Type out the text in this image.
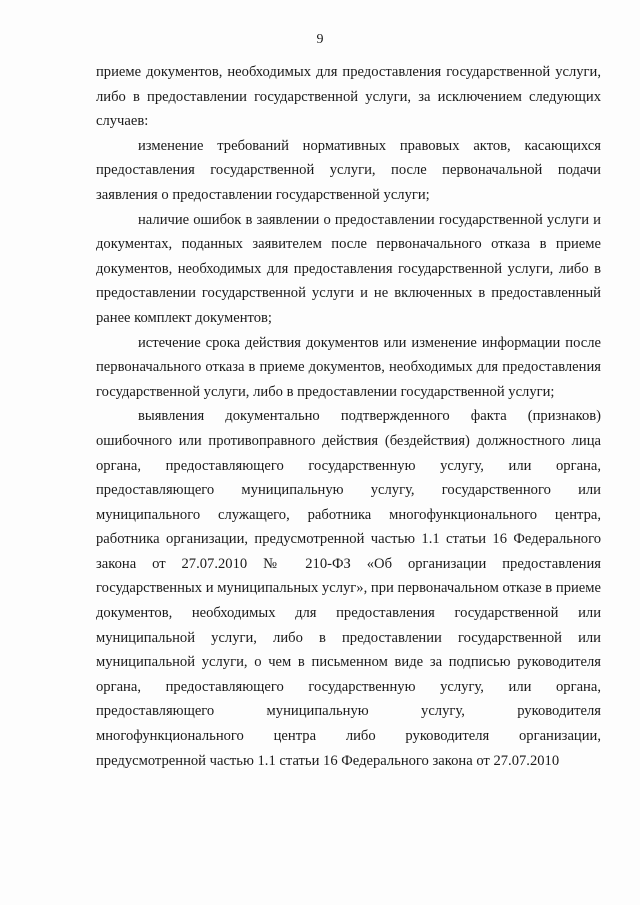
9

приеме документов, необходимых для предоставления государственной услуги, либо в предоставлении государственной услуги, за исключением следующих случаев:

изменение требований нормативных правовых актов, касающихся предоставления государственной услуги, после первоначальной подачи заявления о предоставлении государственной услуги;

наличие ошибок в заявлении о предоставлении государственной услуги и документах, поданных заявителем после первоначального отказа в приеме документов, необходимых для предоставления государственной услуги, либо в предоставлении государственной услуги и не включенных в предоставленный ранее комплект документов;

истечение срока действия документов или изменение информации после первоначального отказа в приеме документов, необходимых для предоставления государственной услуги, либо в предоставлении государственной услуги;

выявления документально подтвержденного факта (признаков) ошибочного или противоправного действия (бездействия) должностного лица органа, предоставляющего государственную услугу, или органа, предоставляющего муниципальную услугу, государственного или муниципального служащего, работника многофункционального центра, работника организации, предусмотренной частью 1.1 статьи 16 Федерального закона от 27.07.2010 № 210-ФЗ «Об организации предоставления государственных и муниципальных услуг», при первоначальном отказе в приеме документов, необходимых для предоставления государственной или муниципальной услуги, либо в предоставлении государственной или муниципальной услуги, о чем в письменном виде за подписью руководителя органа, предоставляющего государственную услугу, или органа, предоставляющего муниципальную услугу, руководителя многофункционального центра либо руководителя организации, предусмотренной частью 1.1 статьи 16 Федерального закона от 27.07.2010
